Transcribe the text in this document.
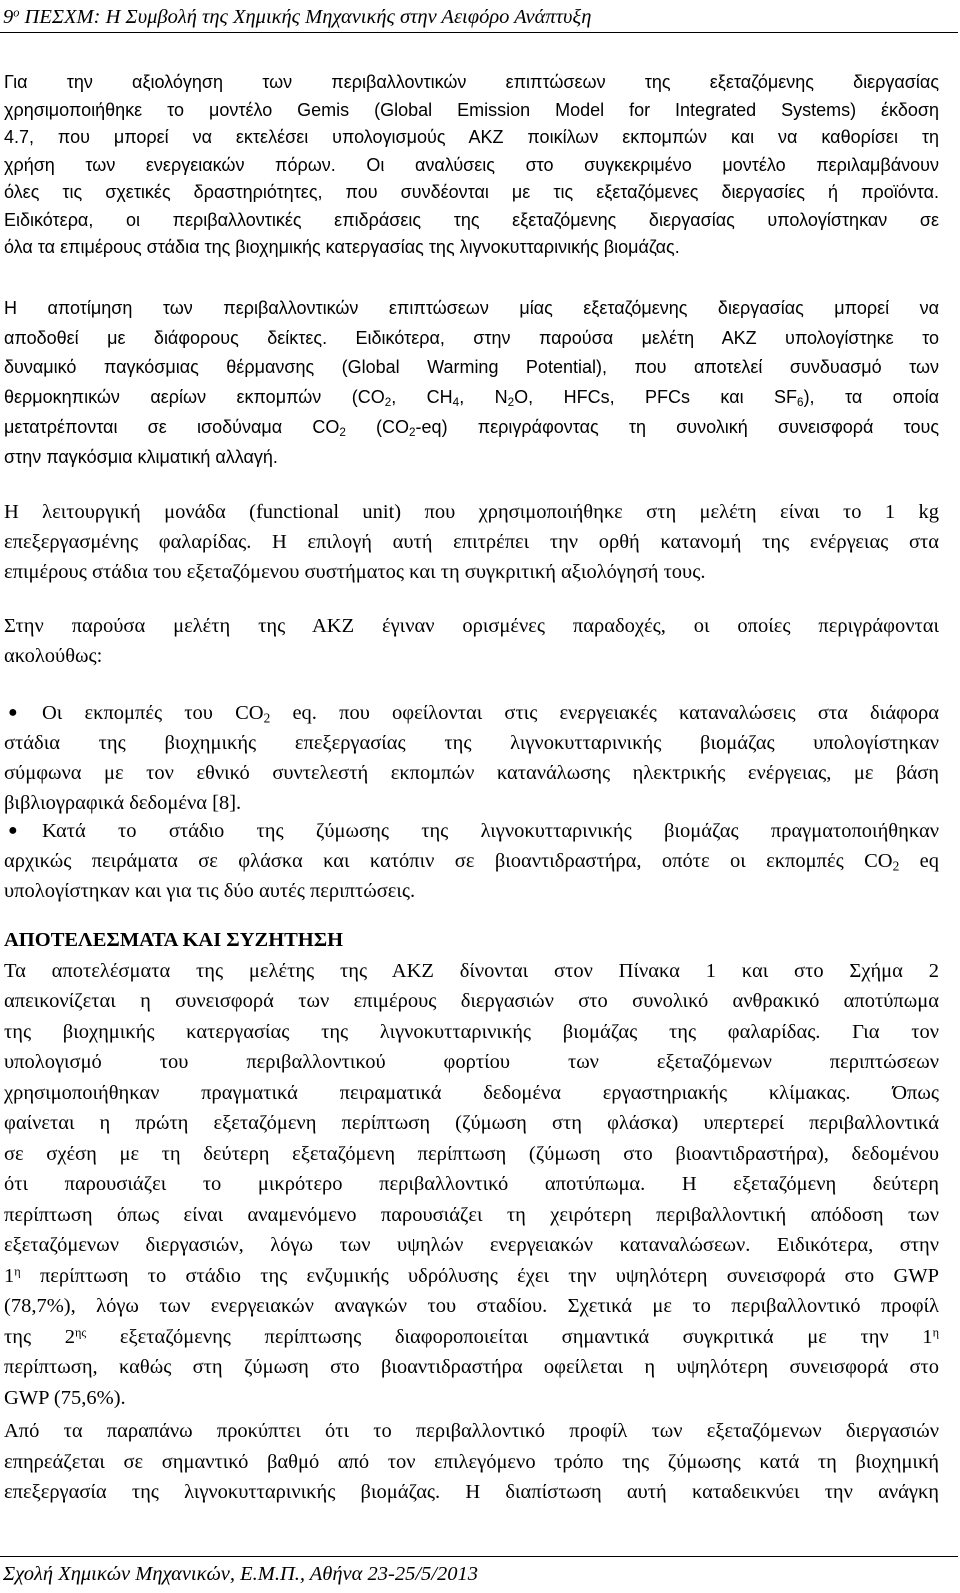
$9^o$ ΠΕΣΧΜ: Η Συμβολή της Χημικής Μηχανικής στην Αειφόρο Ανάπτυξη
Για την αξιολόγηση των περιβαλλοντικών επιπτώσεων της εξεταζόμενης διεργασίας
χρησιμοποιήθηκε το μοντέλο Gemis (Global Emission Model for Integrated Systems) έκδοση
4.7, που μπορεί να εκτελέσει υπολογισμούς ΑΚΖ ποικίλων εκπομπών και να καθορίσει τη
χρήση των ενεργειακών πόρων. Οι αναλύσεις στο συγκεκριμένο μοντέλο περιλαμβάνουν
όλες τις σχετικές δραστηριότητες, που συνδέονται με τις εξεταζόμενες διεργασίες ή προϊόντα.
Ειδικότερα, οι περιβαλλοντικές επιδράσεις της εξεταζόμενης διεργασίας υπολογίστηκαν σε
όλα τα επιμέρους στάδια της βιοχημικής κατεργασίας της λιγνοκυτταρινικής βιομάζας.
Η αποτίμηση των περιβαλλοντικών επιπτώσεων μίας εξεταζόμενης διεργασίας μπορεί να
αποδοθεί με διάφορους δείκτες. Ειδικότερα, στην παρούσα μελέτη ΑΚΖ υπολογίστηκε το
δυναμικό παγκόσμιας θέρμανσης (Global Warming Potential), που αποτελεί συνδυασμό των
θερμοκηπικών αερίων εκπομπών ($CO_2$, $CH_4$, $N_2O$, HFCs, PFCs και $SF_6$), τα οποία
μετατρέπονται σε ισοδύναμα $CO_2$ $(CO_2-eq)$ περιγράφοντας τη συνολική συνεισφορά τους
στην παγκόσμια κλιματική αλλαγή.
Η λειτουργική μονάδα (functional unit) που χρησιμοποιήθηκε στη μελέτη είναι το 1 kg
επεξεργασμένης φαλαρίδας. Η επιλογή αυτή επιτρέπει την ορθή κατανομή της ενέργειας στα
επιμέρους στάδια του εξεταζόμενου συστήματος και τη συγκριτική αξιολόγησή τους.
Στην παρούσα μελέτη της ΑΚΖ έγιναν ορισμένες παραδοχές, οι οποίες περιγράφονται
ακολούθως:
●	Οι εκπομπές του $CO_2$ eq. που οφείλονται στις ενεργειακές καταναλώσεις στα διάφορα
στάδια της βιοχημικής επεξεργασίας της λιγνοκυτταρινικής βιομάζας υπολογίστηκαν
σύμφωνα με τον εθνικό συντελεστή εκπομπών κατανάλωσης ηλεκτρικής ενέργειας, με βάση
βιβλιογραφικά δεδομένα [8].
●	Κατά το στάδιο της ζύμωσης της λιγνοκυτταρινικής βιομάζας πραγματοποιήθηκαν
αρχικώς πειράματα σε φλάσκα και κατόπιν σε βιοαντιδραστήρα, οπότε οι εκπομπές $CO_2$ eq
υπολογίστηκαν και για τις δύο αυτές περιπτώσεις.
ΑΠΟΤΕΛΕΣΜΑΤΑ ΚΑΙ ΣΥΖΗΤΗΣΗ
Τα αποτελέσματα της μελέτης της ΑΚΖ δίνονται στον Πίνακα 1 και στο Σχήμα 2
απεικονίζεται η συνεισφορά των επιμέρους διεργασιών στο συνολικό ανθρακικό αποτύπωμα
της βιοχημικής κατεργασίας της λιγνοκυτταρινικής βιομάζας της φαλαρίδας. Για τον
υπολογισμό του περιβαλλοντικού φορτίου των εξεταζόμενων περιπτώσεων
χρησιμοποιήθηκαν πραγματικά πειραματικά δεδομένα εργαστηριακής κλίμακας. Όπως
φαίνεται η πρώτη εξεταζόμενη περίπτωση (ζύμωση στη φλάσκα) υπερτερεί περιβαλλοντικά
σε σχέση με τη δεύτερη εξεταζόμενη περίπτωση (ζύμωση στο βιοαντιδραστήρα), δεδομένου
ότι παρουσιάζει το μικρότερο περιβαλλοντικό αποτύπωμα. Η εξεταζόμενη δεύτερη
περίπτωση όπως είναι αναμενόμενο παρουσιάζει τη χειρότερη περιβαλλοντική απόδοση των
εξεταζόμενων διεργασιών, λόγω των υψηλών ενεργειακών καταναλώσεων. Ειδικότερα, στην
$1^\eta$ περίπτωση το στάδιο της ενζυμικής υδρόλυσης έχει την υψηλότερη συνεισφορά στο GWP
(78,7%), λόγω των ενεργειακών αναγκών του σταδίου. Σχετικά με το περιβαλλοντικό προφίλ
της $2^{\eta\varsigma}$ εξεταζόμενης περίπτωσης διαφοροποιείται σημαντικά συγκριτικά με την $1^\eta$
περίπτωση, καθώς στη ζύμωση στο βιοαντιδραστήρα οφείλεται η υψηλότερη συνεισφορά στο
GWP (75,6%).
Από τα παραπάνω προκύπτει ότι το περιβαλλοντικό προφίλ των εξεταζόμενων διεργασιών
επηρεάζεται σε σημαντικό βαθμό από τον επιλεγόμενο τρόπο της ζύμωσης κατά τη βιοχημική
επεξεργασία της λιγνοκυτταρινικής βιομάζας. Η διαπίστωση αυτή καταδεικνύει την ανάγκη
Σχολή Χημικών Μηχανικών, Ε.Μ.Π., Αθήνα 23-25/5/2013
